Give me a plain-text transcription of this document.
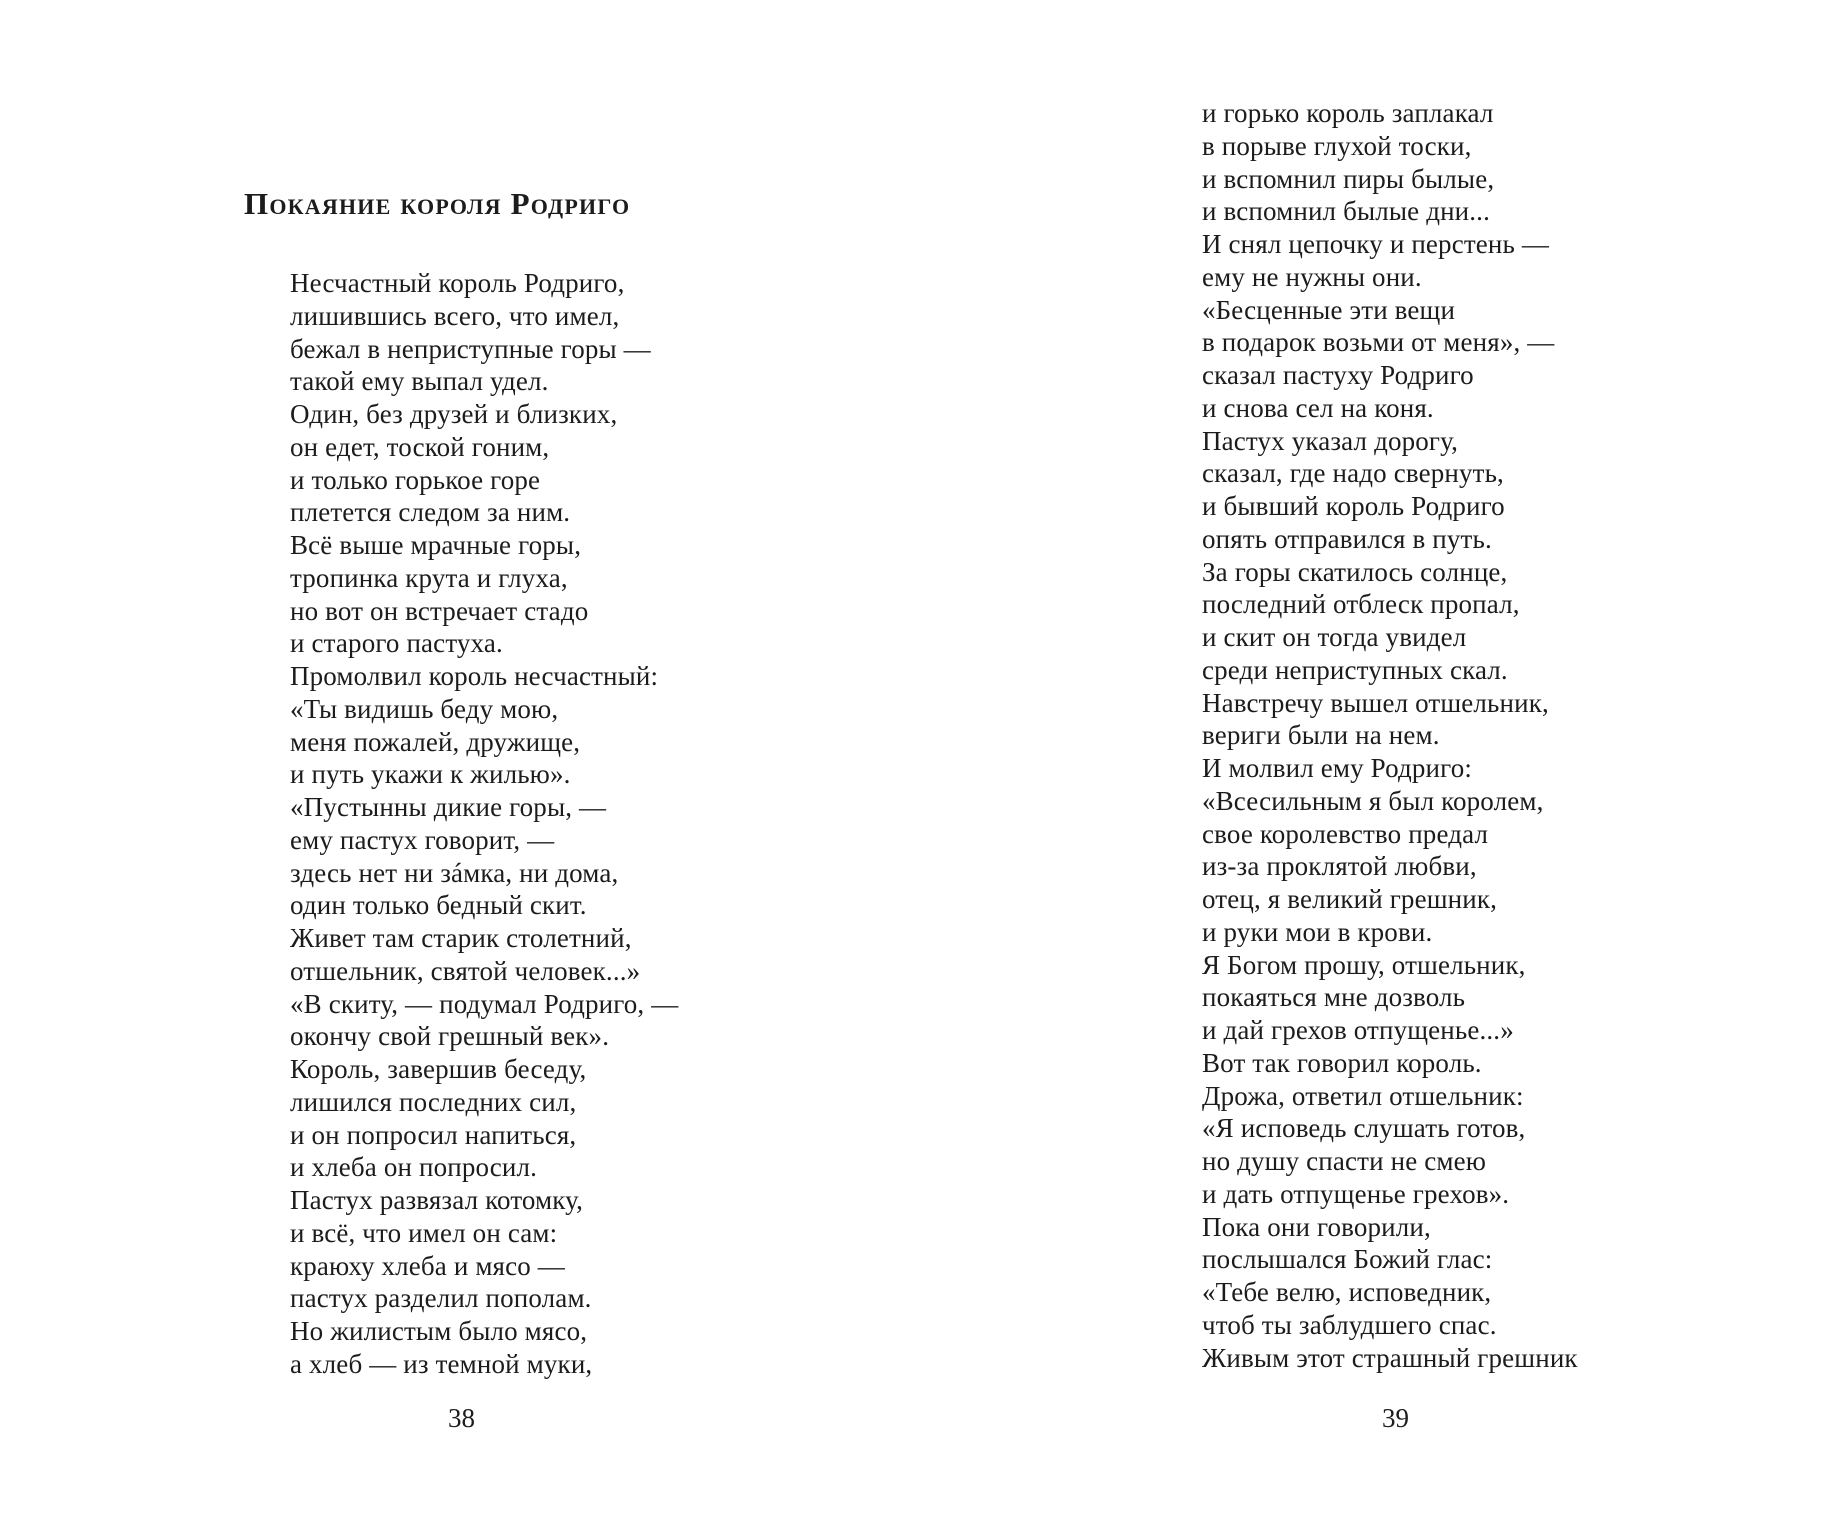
Покаяние короля Родриго
Несчастный король Родриго,
лишившись всего, что имел,
бежал в неприступные горы —
такой ему выпал удел.
Один, без друзей и близких,
он едет, тоской гоним,
и только горькое горе
плетется следом за ним.
Всё выше мрачные горы,
тропинка крута и глуха,
но вот он встречает стадо
и старого пастуха.
Промолвил король несчастный:
«Ты видишь беду мою,
меня пожалей, дружище,
и путь укажи к жилью».
«Пустынны дикие горы, —
ему пастух говорит, —
здесь нет ни зáмка, ни дома,
один только бедный скит.
Живет там старик столетний,
отшельник, святой человек...»
«В скиту, — подумал Родриго, —
окончу свой грешный век».
Король, завершив беседу,
лишился последних сил,
и он попросил напиться,
и хлеба он попросил.
Пастух развязал котомку,
и всё, что имел он сам:
краюху хлеба и мясо —
пастух разделил пополам.
Но жилистым было мясо,
а хлеб — из темной муки,
38
и горько король заплакал
в порыве глухой тоски,
и вспомнил пиры былые,
и вспомнил былые дни...
И снял цепочку и перстень —
ему не нужны они.
«Бесценные эти вещи
в подарок возьми от меня», —
сказал пастуху Родриго
и снова сел на коня.
Пастух указал дорогу,
сказал, где надо свернуть,
и бывший король Родриго
опять отправился в путь.
За горы скатилось солнце,
последний отблеск пропал,
и скит он тогда увидел
среди неприступных скал.
Навстречу вышел отшельник,
вериги были на нем.
И молвил ему Родриго:
«Всесильным я был королем,
свое королевство предал
из-за проклятой любви,
отец, я великий грешник,
и руки мои в крови.
Я Богом прошу, отшельник,
покаяться мне дозволь
и дай грехов отпущенье...»
Вот так говорил король.
Дрожа, ответил отшельник:
«Я исповедь слушать готов,
но душу спасти не смею
и дать отпущенье грехов».
Пока они говорили,
послышался Божий глас:
«Тебе велю, исповедник,
чтоб ты заблудшего спас.
Живым этот страшный грешник
39
